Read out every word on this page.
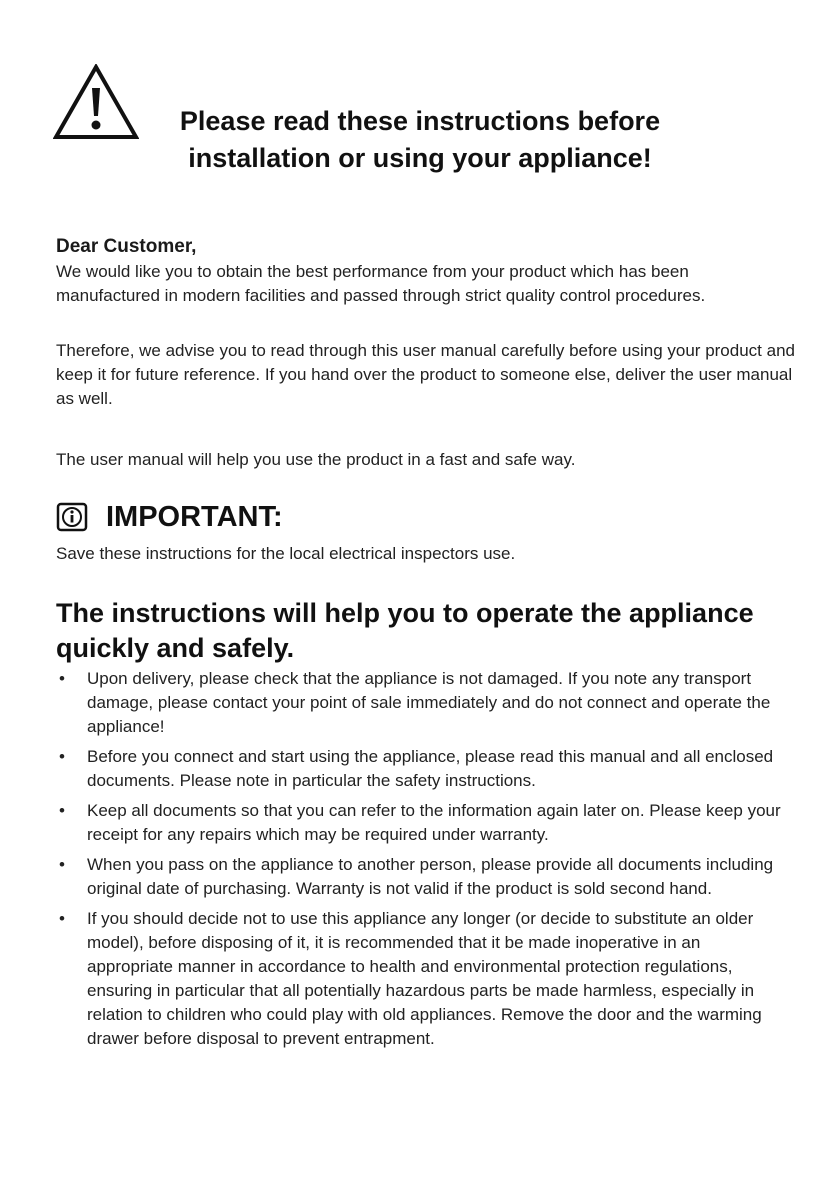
Please read these instructions before
installation or using your appliance!
Dear Customer,
We would like you to obtain the best performance from your product which has been manufactured in modern facilities and passed through strict quality control procedures.
Therefore, we advise you to read through this user manual carefully before using your product and keep it for future reference. If you hand over the product to someone else, deliver the user manual as well.
The user manual will help you use the product in a fast and safe way.
IMPORTANT:
Save these instructions for the local electrical inspectors use.
The instructions will help you to operate the appliance quickly and safely.
• Upon delivery, please check that the appliance is not damaged. If you note any transport damage, please contact your point of sale immediately and do not connect and operate the appliance!
• Before you connect and start using the appliance, please read this manual and all enclosed documents. Please note in particular the safety instructions.
• Keep all documents so that you can refer to the information again later on. Please keep your receipt for any repairs which may be required under warranty.
• When you pass on the appliance to another person, please provide all documents including original date of purchasing. Warranty is not valid if the product is sold second hand.
• If you should decide not to use this appliance any longer (or decide to substitute an older model), before disposing of it, it is recommended that it be made inoperative in an appropriate manner in accordance to health and environmental protection regulations, ensuring in particular that all potentially hazardous parts be made harmless, especially in relation to children who could play with old appliances. Remove the door and the warming drawer before disposal to prevent entrapment.
